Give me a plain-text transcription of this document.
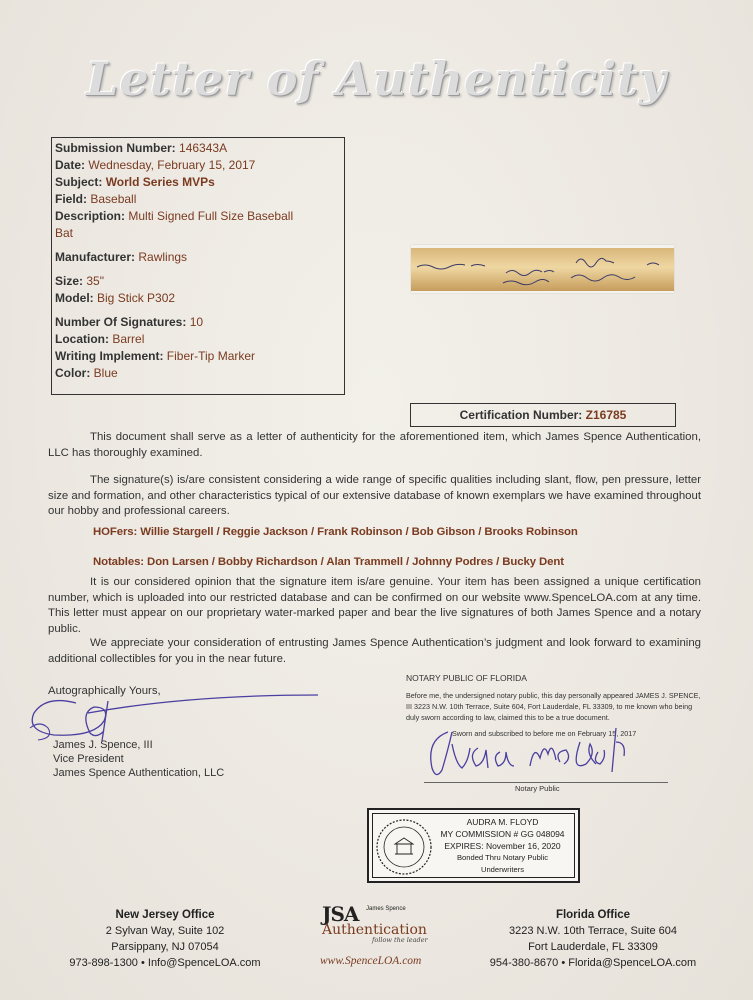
Letter of Authenticity
Submission Number: 146343A
Date: Wednesday, February 15, 2017
Subject: World Series MVPs
Field: Baseball
Description: Multi Signed Full Size Baseball
Bat
Manufacturer: Rawlings
Size: 35"
Model: Big Stick P302
Number Of Signatures: 10
Location: Barrel
Writing Implement: Fiber-Tip Marker
Color: Blue
Certification Number: Z16785
This document shall serve as a letter of authenticity for the aforementioned item, which James Spence Authentication, LLC has thoroughly examined.
The signature(s) is/are consistent considering a wide range of specific qualities including slant, flow, pen pressure, letter size and formation, and other characteristics typical of our extensive database of known exemplars we have examined throughout our hobby and professional careers.
HOFers: Willie Stargell / Reggie Jackson / Frank Robinson / Bob Gibson / Brooks Robinson
Notables: Don Larsen / Bobby Richardson / Alan Trammell / Johnny Podres / Bucky Dent
It is our considered opinion that the signature item is/are genuine. Your item has been assigned a unique certification number, which is uploaded into our restricted database and can be confirmed on our website www.SpenceLOA.com at any time. This letter must appear on our proprietary water-marked paper and bear the live signatures of both James Spence and a notary public.
We appreciate your consideration of entrusting James Spence Authentication’s judgment and look forward to examining additional collectibles for you in the near future.
Autographically Yours,
James J. Spence, III
Vice President
James Spence Authentication, LLC
NOTARY PUBLIC OF FLORIDA
Before me, the undersigned notary public, this day personally appeared JAMES J. SPENCE, III 3223 N.W. 10th Terrace, Suite 604, Fort Lauderdale, FL 33309, to me known who being duly sworn according to law, claimed this to be a true document.
Sworn and subscribed to before me on February 15, 2017
Notary Public
AUDRA M. FLOYD
MY COMMISSION # GG 048094
EXPIRES: November 16, 2020
Bonded Thru Notary Public Underwriters
New Jersey Office
2 Sylvan Way, Suite 102
Parsippany, NJ 07054
973-898-1300 • Info@SpenceLOA.com
JSA	James Spence
Authentication
follow the leader
www.SpenceLOA.com
Florida Office
3223 N.W. 10th Terrace, Suite 604
Fort Lauderdale, FL 33309
954-380-8670 • Florida@SpenceLOA.com
